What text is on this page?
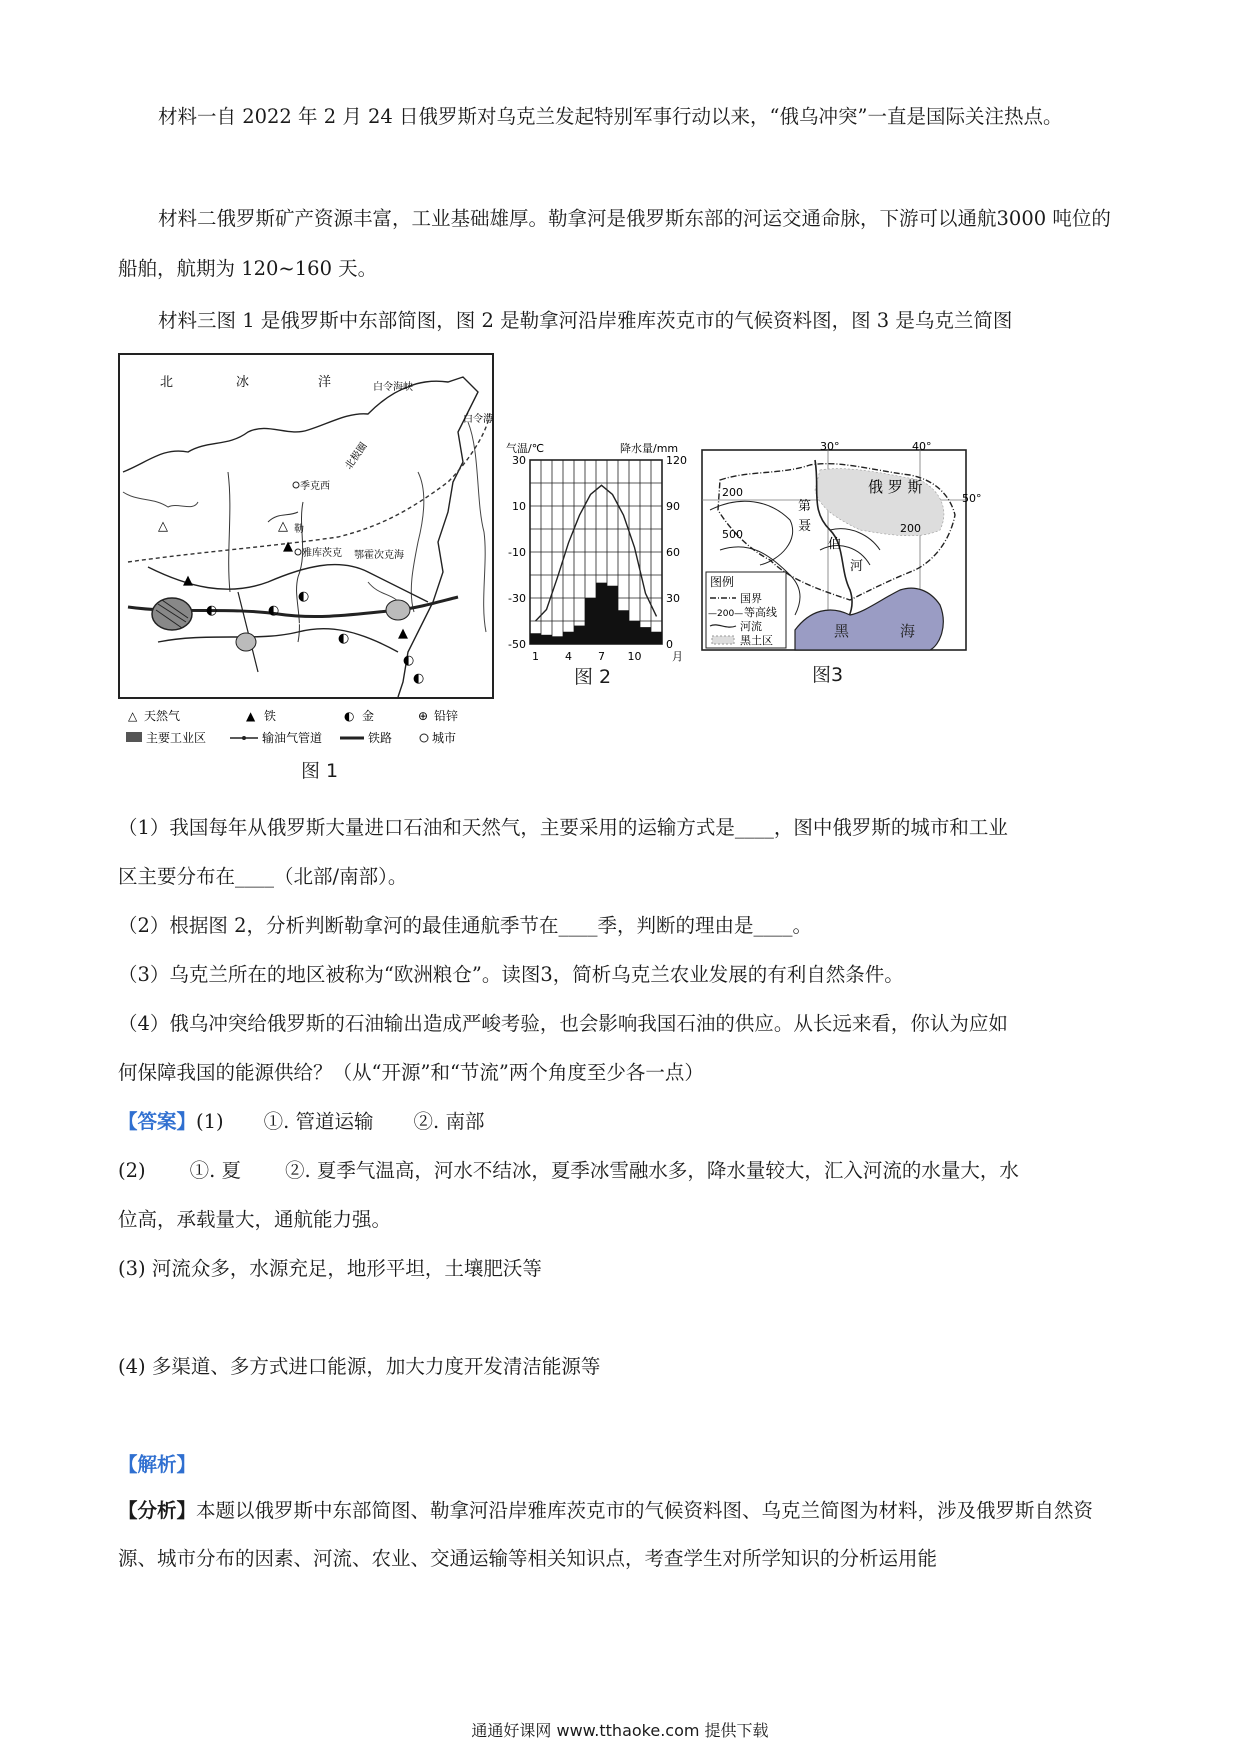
材料一自 2022 年 2 月 24 日俄罗斯对乌克兰发起特别军事行动以来，“俄乌冲突”一直是国际关注热点。

材料二俄罗斯矿产资源丰富，工业基础雄厚。勒拿河是俄罗斯东部的河运交通命脉，下游可以通航3000 吨位的船舶，航期为 120~160 天。

材料三图 1 是俄罗斯中东部简图，图 2 是勒拿河沿岸雅库茨克市的气候资料图，图 3 是乌克兰简图

△	△
▲
▲
▲
◐	◐
◐
◐
◐
◐
北	冰	洋	白令海峡
白令海
北极圈
季克西
勒
雅库茨克 鄂霍次克海
△ 天然气	▲ 铁	◐ 金	⊕ 铅锌
主要工业区	输油气管道	铁路	城市
图 1
气温/℃	降水量/mm
30
10
-10
-30
-50
120
90
60
30
0
1 4 7 10	月
图 2
30°	40°
50°
俄 罗 斯
第
聂
伯
河
200
200
500
黑	海
图例
国界
—200— 等高线
河流
黑土区
图3

（1）我国每年从俄罗斯大量进口石油和天然气，主要采用的运输方式是____，图中俄罗斯的城市和工业

区主要分布在____（北部/南部）。

（2）根据图 2，分析判断勒拿河的最佳通航季节在____季，判断的理由是____。

（3）乌克兰所在的地区被称为“欧洲粮仓”。读图3，简析乌克兰农业发展的有利自然条件。

（4）俄乌冲突给俄罗斯的石油输出造成严峻考验，也会影响我国石油的供应。从长远来看，你认为应如

何保障我国的能源供给？（从“开源”和“节流”两个角度至少各一点）

【答案】(1) ①. 管道运输 ②. 南部

(2) ①. 夏 ②. 夏季气温高，河水不结冰，夏季冰雪融水多，降水量较大，汇入河流的水量大，水

位高，承载量大，通航能力强。

(3) 河流众多，水源充足，地形平坦，土壤肥沃等

(4) 多渠道、多方式进口能源，加大力度开发清洁能源等

【解析】

【分析】本题以俄罗斯中东部简图、勒拿河沿岸雅库茨克市的气候资料图、乌克兰简图为材料，涉及俄罗斯自然资源、城市分布的因素、河流、农业、交通运输等相关知识点，考查学生对所学知识的分析运用能

通通好课网 www.tthaoke.com 提供下载
